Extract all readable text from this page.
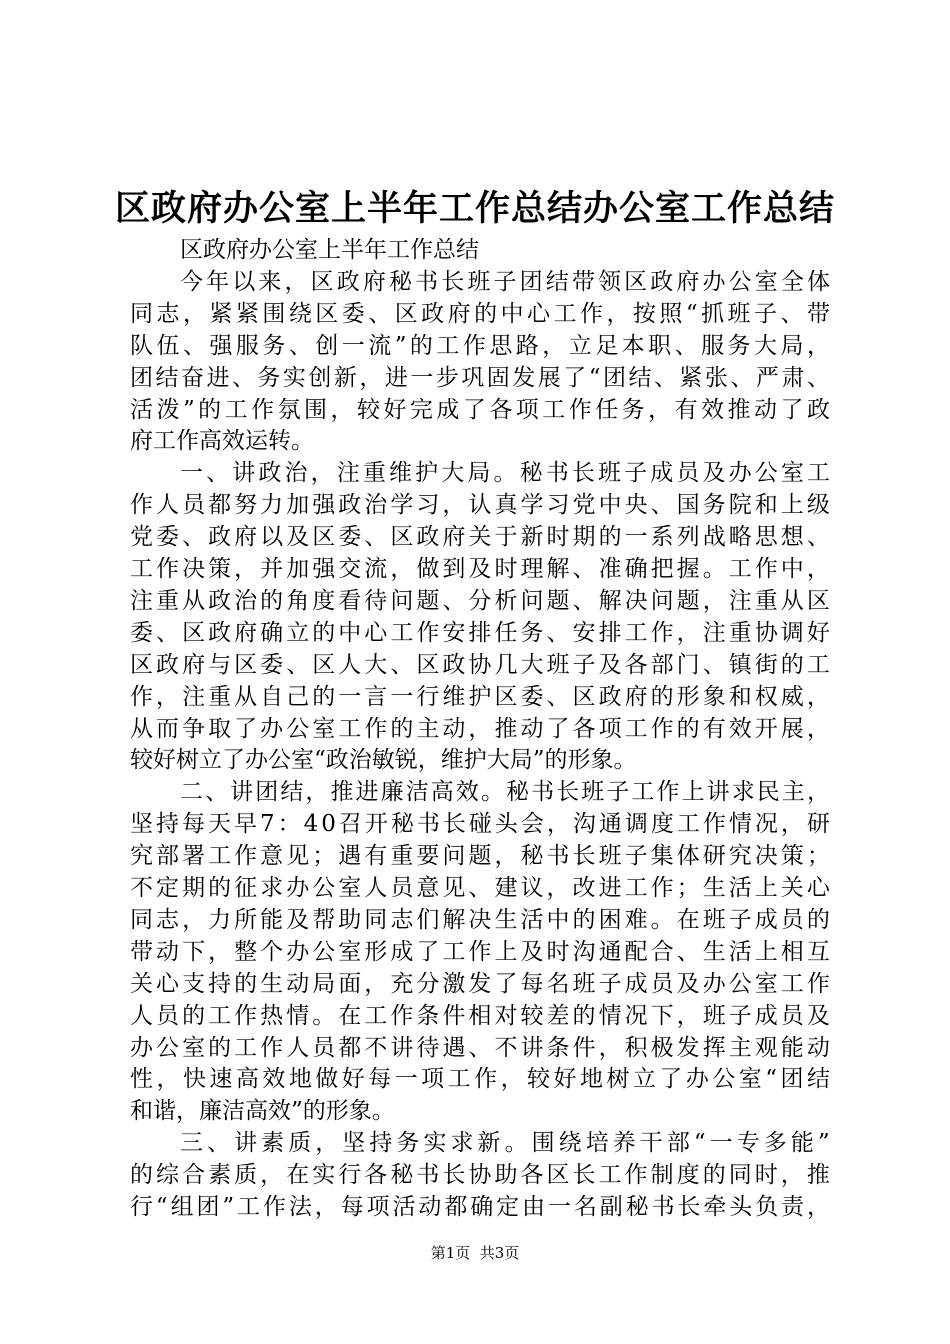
区政府办公室上半年工作总结办公室工作总结
区政府办公室上半年工作总结
今 年 以 来 ， 区 政 府 秘 书 长 班 子 团 结 带 领 区 政 府 办 公 室 全 体
同 志 ， 紧 紧 围 绕 区 委 、 区 政 府 的 中 心 工 作 ， 按 照 “ 抓 班 子 、 带
队 伍 、 强 服 务 、 创 一 流 ” 的 工 作 思 路 ， 立 足 本 职 、 服 务 大 局 ，
团 结 奋 进 、 务 实 创 新 ， 进 一 步 巩 固 发 展 了 “ 团 结 、 紧 张 、 严 肃 、
活 泼 ” 的 工 作 氛 围 ， 较 好 完 成 了 各 项 工 作 任 务 ， 有 效 推 动 了 政
府工作高效运转。
一 、 讲 政 治 ， 注 重 维 护 大 局 。 秘 书 长 班 子 成 员 及 办 公 室 工
作 人 员 都 努 力 加 强 政 治 学 习 ， 认 真 学 习 党 中 央 、 国 务 院 和 上 级
党 委 、 政 府 以 及 区 委 、 区 政 府 关 于 新 时 期 的 一 系 列 战 略 思 想 、
工 作 决 策 ， 并 加 强 交 流 ， 做 到 及 时 理 解 、 准 确 把 握 。 工 作 中 ，
注 重 从 政 治 的 角 度 看 待 问 题 、 分 析 问 题 、 解 决 问 题 ， 注 重 从 区
委 、 区 政 府 确 立 的 中 心 工 作 安 排 任 务 、 安 排 工 作 ， 注 重 协 调 好
区 政 府 与 区 委 、 区 人 大 、 区 政 协 几 大 班 子 及 各 部 门 、 镇 街 的 工
作 ， 注 重 从 自 己 的 一 言 一 行 维 护 区 委 、 区 政 府 的 形 象 和 权 威 ，
从 而 争 取 了 办 公 室 工 作 的 主 动 ， 推 动 了 各 项 工 作 的 有 效 开 展 ，
较好树立了办公室“政治敏锐，维护大局”的形象。
二 、 讲 团 结 ， 推 进 廉 洁 高 效 。 秘 书 长 班 子 工 作 上 讲 求 民 主 ，
坚 持 每 天 早 7 ： 4 0 召 开 秘 书 长 碰 头 会 ， 沟 通 调 度 工 作 情 况 ， 研
究 部 署 工 作 意 见 ； 遇 有 重 要 问 题 ， 秘 书 长 班 子 集 体 研 究 决 策 ；
不 定 期 的 征 求 办 公 室 人 员 意 见 、 建 议 ， 改 进 工 作 ； 生 活 上 关 心
同 志 ， 力 所 能 及 帮 助 同 志 们 解 决 生 活 中 的 困 难 。 在 班 子 成 员 的
带 动 下 ， 整 个 办 公 室 形 成 了 工 作 上 及 时 沟 通 配 合 、 生 活 上 相 互
关 心 支 持 的 生 动 局 面 ， 充 分 激 发 了 每 名 班 子 成 员 及 办 公 室 工 作
人 员 的 工 作 热 情 。 在 工 作 条 件 相 对 较 差 的 情 况 下 ， 班 子 成 员 及
办 公 室 的 工 作 人 员 都 不 讲 待 遇 、 不 讲 条 件 ， 积 极 发 挥 主 观 能 动
性 ， 快 速 高 效 地 做 好 每 一 项 工 作 ， 较 好 地 树 立 了 办 公 室 “ 团 结
和谐，廉洁高效”的形象。
三 、 讲 素 质 ， 坚 持 务 实 求 新 。 围 绕 培 养 干 部 “ 一 专 多 能 ”
的 综 合 素 质 ， 在 实 行 各 秘 书 长 协 助 各 区 长 工 作 制 度 的 同 时 ， 推
行 “ 组 团 ” 工 作 法 ， 每 项 活 动 都 确 定 由 一 名 副 秘 书 长 牵 头 负 责 ，
第1页  共3页
